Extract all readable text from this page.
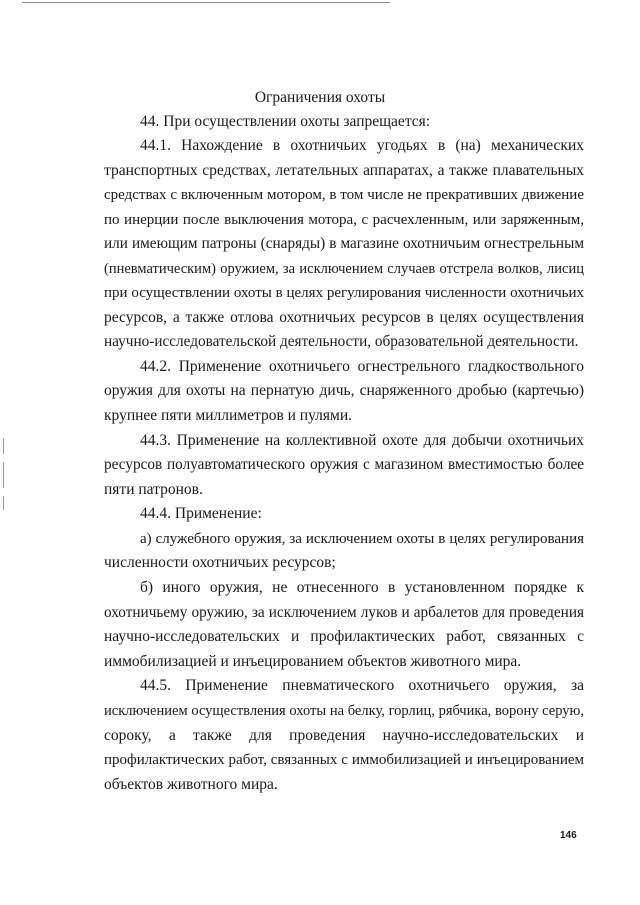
Ограничения охоты
44. При осуществлении охоты запрещается:
44.1. Нахождение в охотничьих угодьях в (на) механических
транспортных средствах, летательных аппаратах, а также плавательных
средствах с включенным мотором, в том числе не прекративших движение
по инерции после выключения мотора, с расчехленным, или заряженным,
или имеющим патроны (снаряды) в магазине охотничьим огнестрельным
(пневматическим) оружием, за исключением случаев отстрела волков, лисиц
при осуществлении охоты в целях регулирования численности охотничьих
ресурсов, а также отлова охотничьих ресурсов в целях осуществления
научно-исследовательской деятельности, образовательной деятельности.
44.2. Применение охотничьего огнестрельного гладкоствольного
оружия для охоты на пернатую дичь, снаряженного дробью (картечью)
крупнее пяти миллиметров и пулями.
44.3. Применение на коллективной охоте для добычи охотничьих
ресурсов полуавтоматического оружия с магазином вместимостью более
пяти патронов.
44.4. Применение:
а) служебного оружия, за исключением охоты в целях регулирования
численности охотничьих ресурсов;
б) иного оружия, не отнесенного в установленном порядке к
охотничьему оружию, за исключением луков и арбалетов для проведения
научно-исследовательских и профилактических работ, связанных с
иммобилизацией и инъецированием объектов животного мира.
44.5. Применение пневматического охотничьего оружия, за
исключением осуществления охоты на белку, горлиц, рябчика, ворону серую,
сороку, а также для проведения научно-исследовательских и
профилактических работ, связанных с иммобилизацией и инъецированием
объектов животного мира.
146
